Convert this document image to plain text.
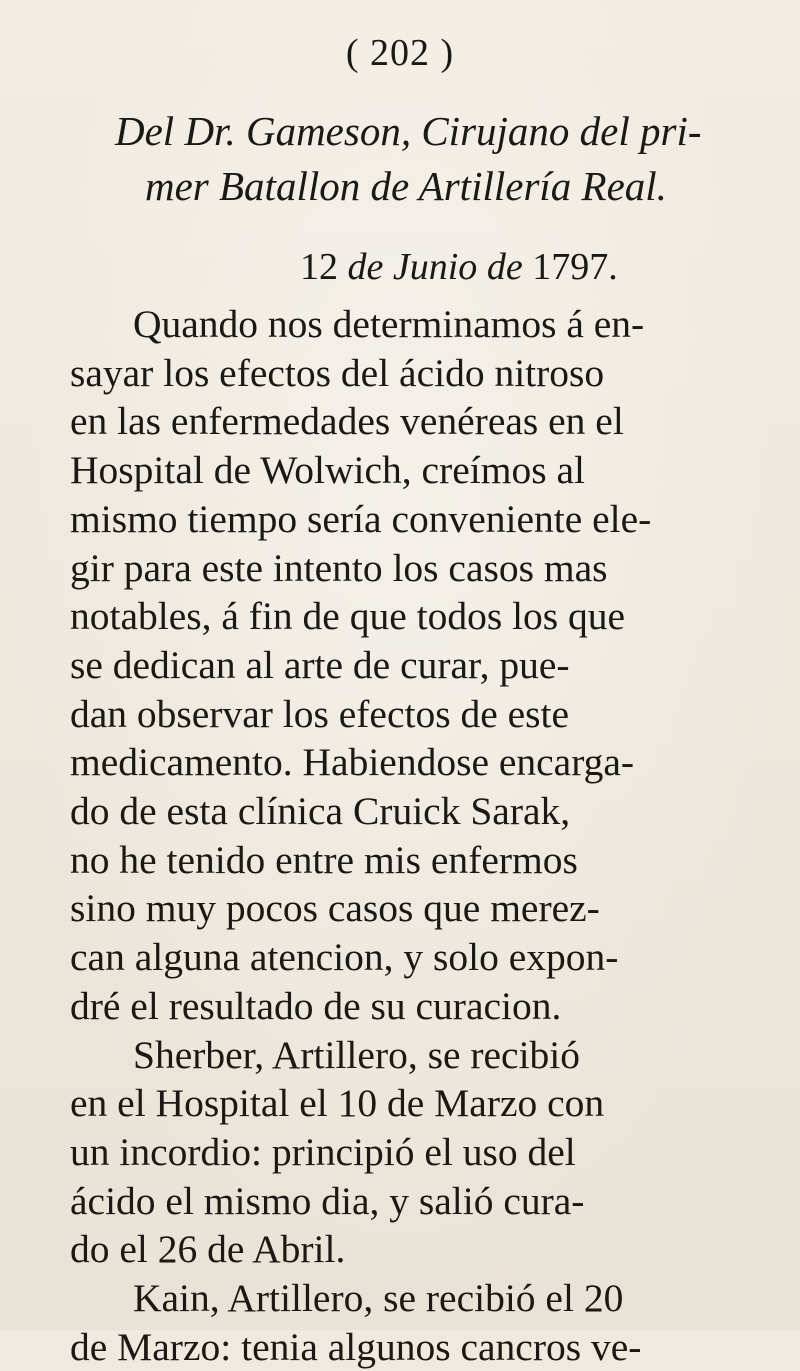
( 202 )
Del Dr. Gameson, Cirujano del pri-
mer Batallon de Artillería Real.
12 de Junio de 1797.
Quando nos determinamos á en-
sayar los efectos del ácido nitroso
en las enfermedades venéreas en el
Hospital de Wolwich, creímos al
mismo tiempo sería conveniente ele-
gir para este intento los casos mas
notables, á fin de que todos los que
se dedican al arte de curar, pue-
dan observar los efectos de este
medicamento. Habiendose encarga-
do de esta clínica Cruick Sarak,
no he tenido entre mis enfermos
sino muy pocos casos que merez-
can alguna atencion, y solo expon-
dré el resultado de su curacion.
Sherber, Artillero, se recibió
en el Hospital el 10 de Marzo con
un incordio: principió el uso del
ácido el mismo dia, y salió curа-
do el 26 de Abril.
Kain, Artillero, se recibió el 20
de Marzo: tenia algunos cancros ve-
